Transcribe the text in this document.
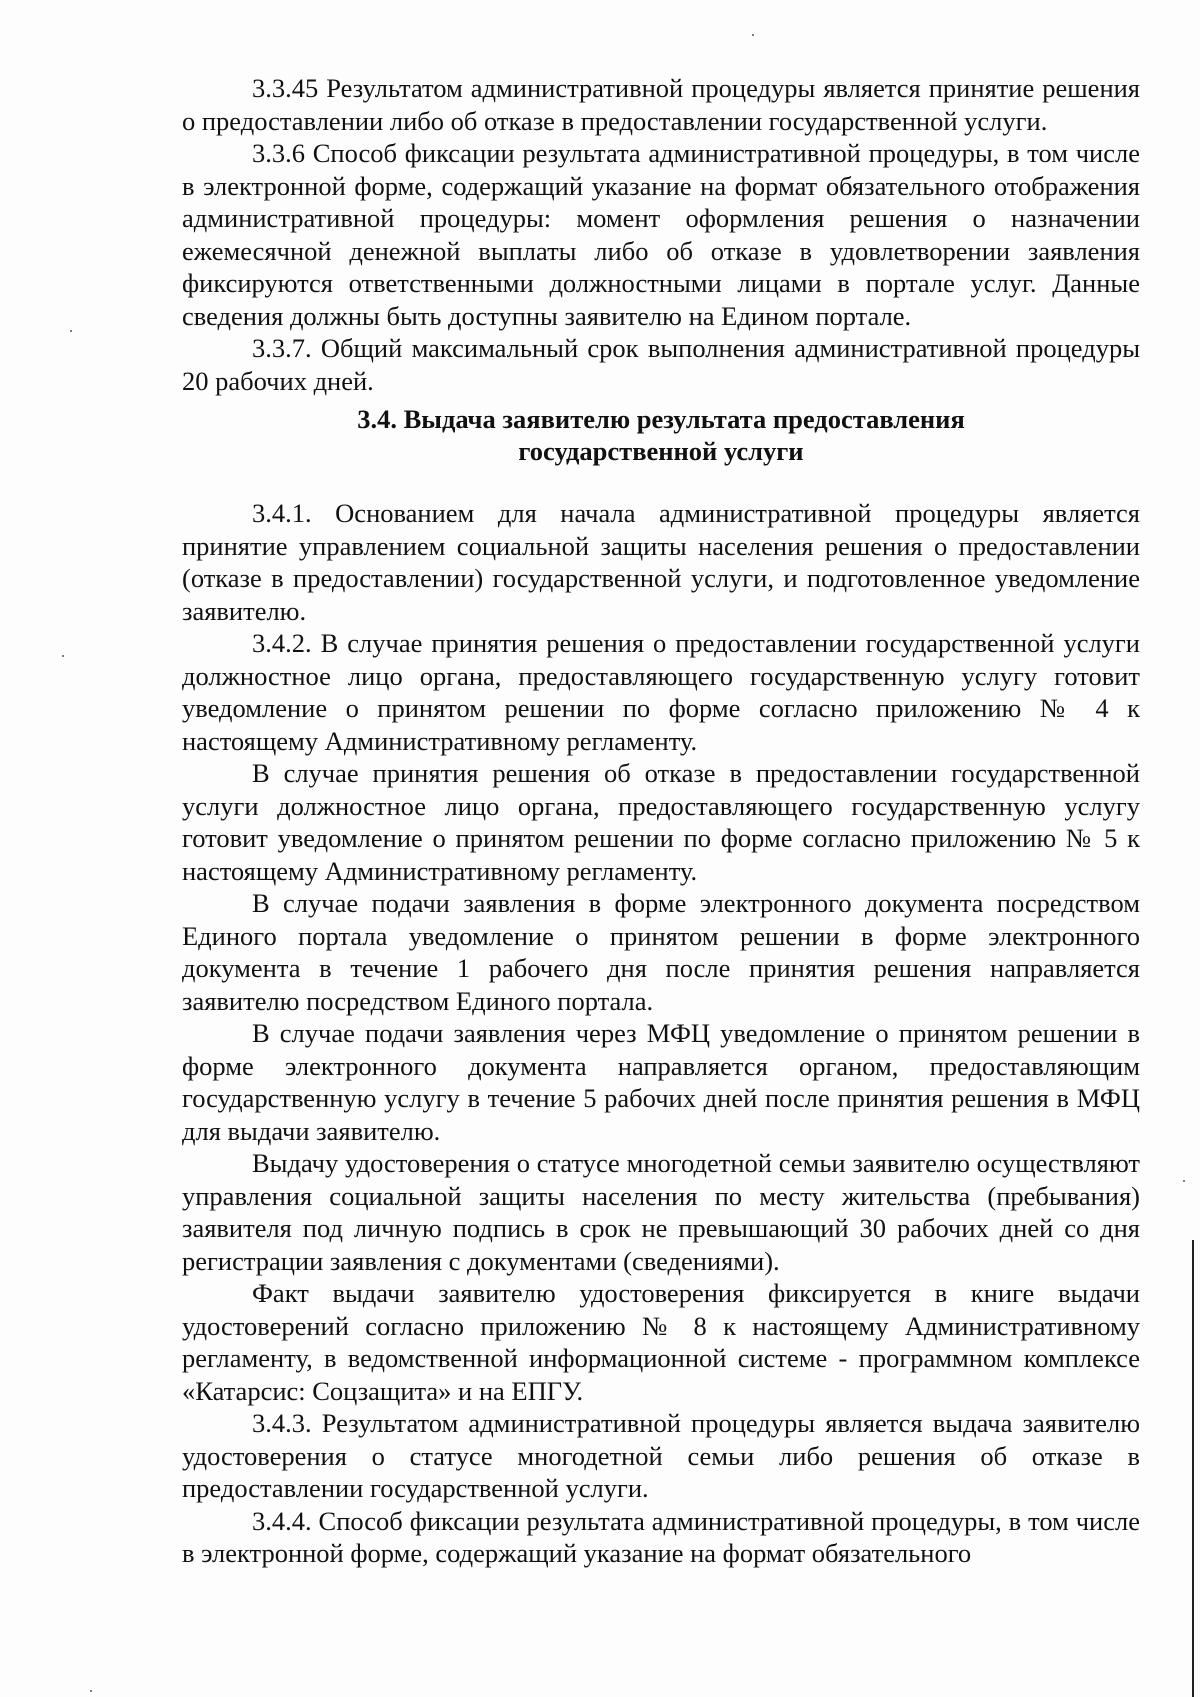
3.3.45 Результатом административной процедуры является принятие решения о предоставлении либо об отказе в предоставлении государственной услуги.

3.3.6 Способ фиксации результата административной процедуры, в том числе в электронной форме, содержащий указание на формат обязательного отображения административной процедуры: момент оформления решения о назначении ежемесячной денежной выплаты либо об отказе в удовлетворении заявления фиксируются ответственными должностными лицами в портале услуг. Данные сведения должны быть доступны заявителю на Едином портале.

3.3.7. Общий максимальный срок выполнения административной процедуры 20 рабочих дней.

3.4. Выдача заявителю результата предоставления
государственной услуги

3.4.1. Основанием для начала административной процедуры является принятие управлением социальной защиты населения решения о предоставлении (отказе в предоставлении) государственной услуги, и подготовленное уведомление заявителю.

3.4.2. В случае принятия решения о предоставлении государственной услуги должностное лицо органа, предоставляющего государственную услугу готовит уведомление о принятом решении по форме согласно приложению № 4 к настоящему Административному регламенту.

В случае принятия решения об отказе в предоставлении государственной услуги должностное лицо органа, предоставляющего государственную услугу готовит уведомление о принятом решении по форме согласно приложению № 5 к настоящему Административному регламенту.

В случае подачи заявления в форме электронного документа посредством Единого портала уведомление о принятом решении в форме электронного документа в течение 1 рабочего дня после принятия решения направляется заявителю посредством Единого портала.

В случае подачи заявления через МФЦ уведомление о принятом решении в форме электронного документа направляется органом, предоставляющим государственную услугу в течение 5 рабочих дней после принятия решения в МФЦ для выдачи заявителю.

Выдачу удостоверения о статусе многодетной семьи заявителю осуществляют управления социальной защиты населения по месту жительства (пребывания) заявителя под личную подпись в срок не превышающий 30 рабочих дней со дня регистрации заявления с документами (сведениями).

Факт выдачи заявителю удостоверения фиксируется в книге выдачи удостоверений согласно приложению № 8 к настоящему Административному регламенту, в ведомственной информационной системе - программном комплексе «Катарсис: Соцзащита» и на ЕПГУ.

3.4.3. Результатом административной процедуры является выдача заявителю удостоверения о статусе многодетной семьи либо решения об отказе в предоставлении государственной услуги.

3.4.4. Способ фиксации результата административной процедуры, в том числе в электронной форме, содержащий указание на формат обязательного
